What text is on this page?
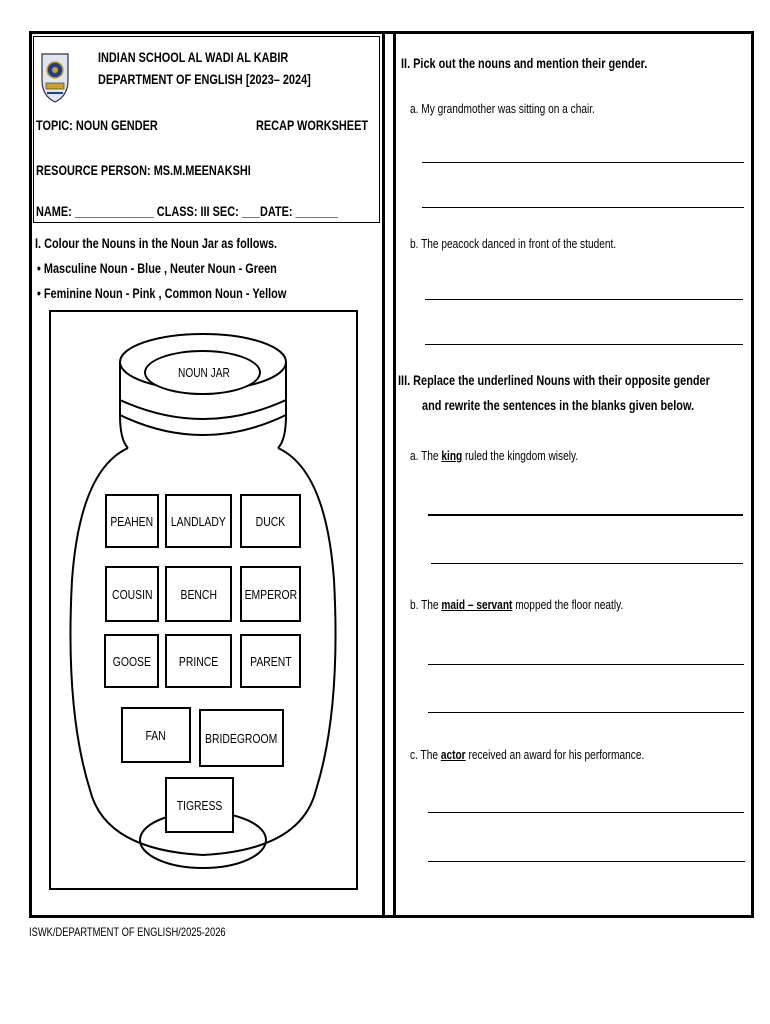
INDIAN SCHOOL AL WADI AL KABIR
DEPARTMENT OF ENGLISH [2023– 2024]
TOPIC: NOUN GENDER	RECAP WORKSHEET
RESOURCE PERSON: MS.M.MEENAKSHI
NAME: _____________ CLASS: III SEC: ___DATE: _______
I. Colour the Nouns in the Noun Jar as follows.
• Masculine Noun - Blue , Neuter Noun - Green
• Feminine Noun - Pink , Common Noun - Yellow
NOUN JAR
PEAHEN LANDLADY DUCK
COUSIN BENCH EMPEROR
GOOSE PRINCE PARENT
FAN	BRIDEGROOM
TIGRESS
II. Pick out the nouns and mention their gender.
a. My grandmother was sitting on a chair.
b. The peacock danced in front of the student.
III. Replace the underlined Nouns with their opposite gender
and rewrite the sentences in the blanks given below.
a. The king ruled the kingdom wisely.
b. The maid – servant mopped the floor neatly.
c. The actor received an award for his performance.
ISWK/DEPARTMENT OF ENGLISH/2025-2026
